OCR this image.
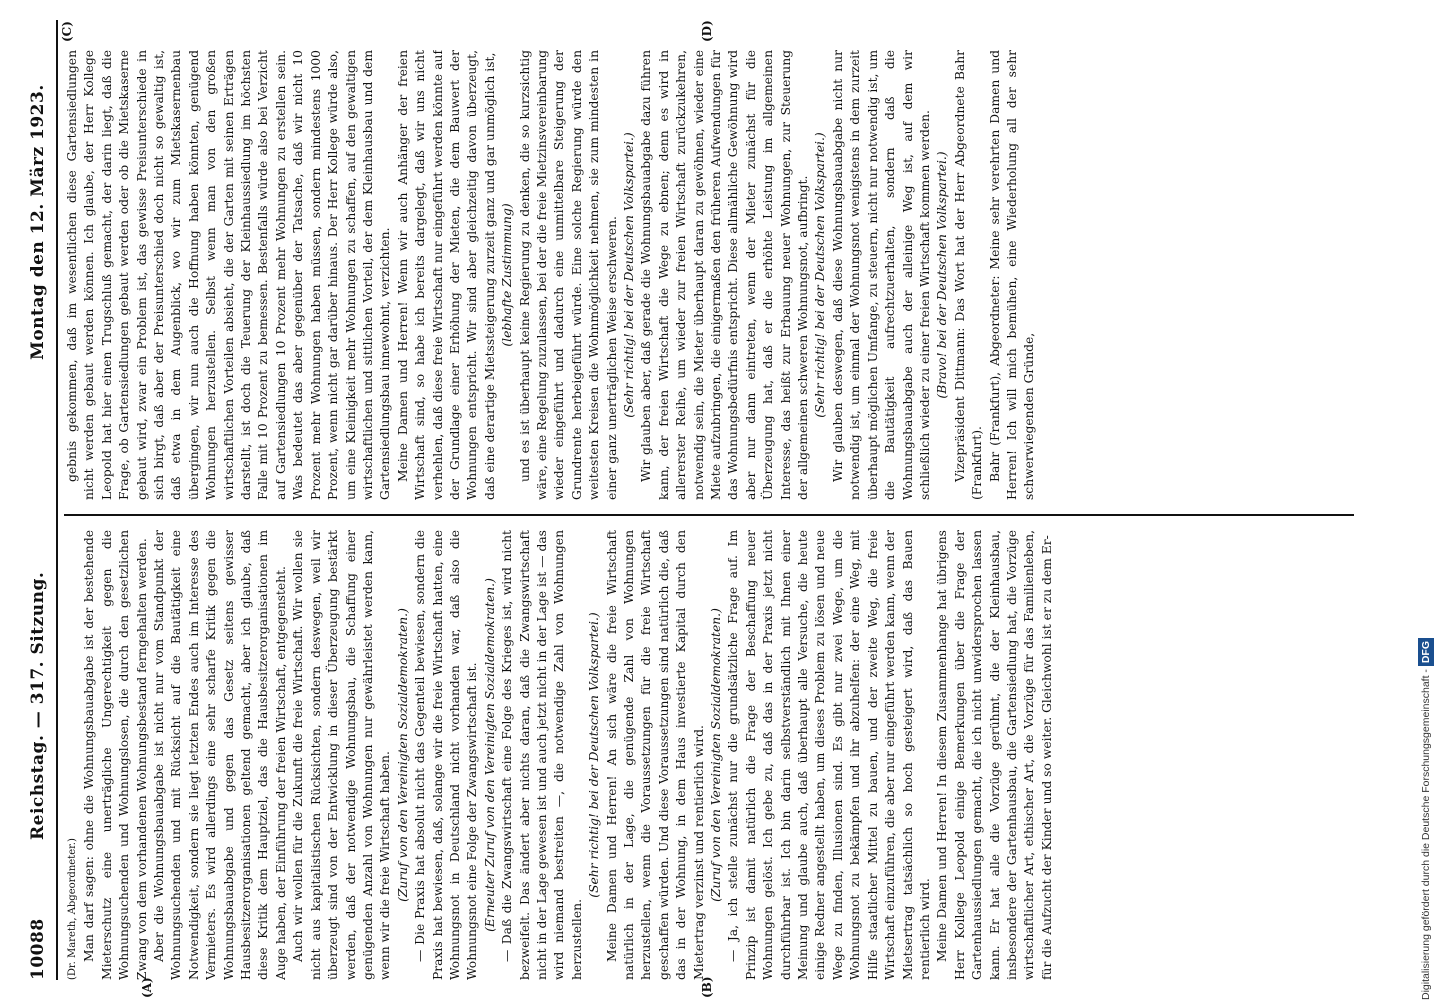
10088
Reichstag. — 317. Sitzung.
Montag den 12. März 1923.
(A)	(B)
(C)	(D)

(Dr. Mareth, Abgeordneter.) Man darf sagen: ohne die Wohnungsbauabgabe ist der bestehende Mieterschutz eine unerträgliche Ungerechtigkeit gegen die Wohnungsuchenden und Wohnungslosen, die durch den gesetzlichen Zwang von dem vorhandenen Wohnungsbestand ferngehalten werden. Aber die Wohnungsbauabgabe ist nicht nur vom Standpunkt der Wohnungsuchenden und mit Rücksicht auf die Bautätigkeit eine Notwendigkeit, sondern sie liegt letzten Endes auch im Interesse des Vermieters. Es wird allerdings eine sehr scharfe Kritik gegen die Wohnungsbauabgabe und gegen das Gesetz seitens gewisser Hausbesitzerorganisationen geltend gemacht, aber ich glaube, daß diese Kritik dem Hauptziel, das die Hausbesitzerorganisationen im Auge haben, der Einführung der freien Wirtschaft, entgegensteht. Auch wir wollen für die Zukunft die freie Wirtschaft. Wir wollen sie nicht aus kapitalistischen Rücksichten, sondern deswegen, weil wir überzeugt sind von der Entwicklung in dieser Überzeugung bestärkt werden, daß der notwendige Wohnungsbau, die Schaffung einer genügenden Anzahl von Wohnungen nur gewährleistet werden kann, wenn wir die freie Wirtschaft haben. (Zuruf von den Vereinigten Sozialdemokraten.) — Die Praxis hat absolut nicht das Gegenteil bewiesen, sondern die Praxis hat bewiesen, daß, solange wir die freie Wirtschaft hatten, eine Wohnungsnot in Deutschland nicht vorhanden war, daß also die Wohnungsnot eine Folge der Zwangswirtschaft ist. (Erneuter Zuruf von den Vereinigten Sozialdemokraten.) — Daß die Zwangswirtschaft eine Folge des Krieges ist, wird nicht bezweifelt. Das ändert aber nichts daran, daß die Zwangswirtschaft nicht in der Lage gewesen ist und auch jetzt nicht in der Lage ist — das wird niemand bestreiten —, die notwendige Zahl von Wohnungen herzustellen.

(Sehr richtig! bei der Deutschen Volkspartei.) Meine Damen und Herren! An sich wäre die freie Wirtschaft natürlich in der Lage, die genügende Zahl von Wohnungen herzustellen, wenn die Voraussetzungen für die freie Wirtschaft geschaffen würden. Und diese Voraussetzungen sind natürlich die, daß das in der Wohnung, in dem Haus investierte Kapital durch den Mietertrag verzinst und rentierlich wird. (Zuruf von den Vereinigten Sozialdemokraten.) — Ja, ich stelle zunächst nur die grundsätzliche Frage auf. Im Prinzip ist damit natürlich die Frage der Beschaffung neuer Wohnungen gelöst. Ich gebe zu, daß das in der Praxis jetzt nicht durchführbar ist. Ich bin darin selbstverständlich mit Ihnen einer Meinung und glaube auch, daß überhaupt alle Versuche, die heute einige Redner angestellt haben, um dieses Problem zu lösen und neue Wege zu finden, Illusionen sind. Es gibt nur zwei Wege, um die Wohnungsnot zu bekämpfen und ihr abzuhelfen: der eine Weg, mit Hilfe staatlicher Mittel zu bauen, und der zweite Weg, die freie Wirtschaft einzuführen, die aber nur eingeführt werden kann, wenn der Mietsertrag tatsächlich so hoch gesteigert wird, daß das Bauen rentierlich wird. Meine Damen und Herren! In diesem Zusammenhange hat übrigens Herr Kollege Leopold einige Bemerkungen über die Frage der Gartenhaussiedlungen gemacht, die ich nicht unwidersprochen lassen kann. Er hat alle die Vorzüge gerühmt, die der Kleinhausbau, insbesondere der Gartenhausbau, die Gartensiedlung hat, die Vorzüge wirtschaftlicher Art, ethischer Art, die Vorzüge für das Familienleben, für die Aufzucht der Kinder und so weiter. Gleichwohl ist er zu dem Er-

gebnis gekommen, daß im wesentlichen diese Gartensiedlungen nicht werden gebaut werden können. Ich glaube, der Herr Kollege Leopold hat hier einen Trugschluß gemacht, der darin liegt, daß die Frage, ob Gartensiedlungen gebaut werden oder ob die Mietskaserne gebaut wird, zwar ein Problem ist, das gewisse Preisunterschiede in sich birgt, daß aber der Preisunterschied doch nicht so gewaltig ist, daß etwa in dem Augenblick, wo wir zum Mietskasernenbau übergingen, wir nun auch die Hoffnung haben könnten, genügend Wohnungen herzustellen. Selbst wenn man von den großen wirtschaftlichen Vorteilen absieht, die der Garten mit seinen Erträgen darstellt, ist doch die Teuerung der Kleinhaussiedlung im höchsten Falle mit 10 Prozent zu bemessen. Bestenfalls würde also bei Verzicht auf Gartensiedlungen 10 Prozent mehr Wohnungen zu erstellen sein. Was bedeutet das aber gegenüber der Tatsache, daß wir nicht 10 Prozent mehr Wohnungen haben müssen, sondern mindestens 1000 Prozent, wenn nicht gar darüber hinaus. Der Herr Kollege würde also, um eine Kleinigkeit mehr Wohnungen zu schaffen, auf den gewaltigen wirtschaftlichen und sittlichen Vorteil, der dem Kleinhausbau und dem Gartensiedlungsbau innewohnt, verzichten. Meine Damen und Herren! Wenn wir auch Anhänger der freien Wirtschaft sind, so habe ich bereits dargelegt, daß wir uns nicht verhehlen, daß diese freie Wirtschaft nur eingeführt werden könnte auf der Grundlage einer Erhöhung der Mieten, die dem Bauwert der Wohnungen entspricht. Wir sind aber gleichzeitig davon überzeugt, daß eine derartige Mietssteigerung zurzeit ganz und gar unmöglich ist, (lebhafte Zustimmung) und es ist überhaupt keine Regierung zu denken, die so kurzsichtig wäre, eine Regelung zuzulassen, bei der die freie Mietzinsvereinbarung wieder eingeführt und dadurch eine unmittelbare Steigerung der Grundrente herbeigeführt würde. Eine solche Regierung würde den weitesten Kreisen die Wohnmöglichkeit nehmen, sie zum mindesten in einer ganz unerträglichen Weise erschweren. (Sehr richtig! bei der Deutschen Volkspartei.) Wir glauben aber, daß gerade die Wohnungsbauabgabe dazu führen kann, der freien Wirtschaft die Wege zu ebnen; denn es wird in allererster Reihe, um wieder zur freien Wirtschaft zurückzukehren, notwendig sein, die Mieter überhaupt daran zu gewöhnen, wieder eine Miete aufzubringen, die einigermaßen den früheren Aufwendungen für das Wohnungsbedürfnis entspricht. Diese allmähliche Gewöhnung wird aber nur dann eintreten, wenn der Mieter zunächst für die Überzeugung hat, daß er die erhöhte Leistung im allgemeinen Interesse, das heißt zur Erbauung neuer Wohnungen, zur Steuerung der allgemeinen schweren Wohnungsnot, aufbringt. (Sehr richtig! bei der Deutschen Volkspartei.) Wir glauben deswegen, daß diese Wohnungsbauabgabe nicht nur notwendig ist, um einmal der Wohnungsnot wenigstens in dem zurzeit überhaupt möglichen Umfange, zu steuern, nicht nur notwendig ist, um die Bautätigkeit aufrechtzuerhalten, sondern daß die Wohnungsbauabgabe auch der alleinige Weg ist, auf dem wir schließlich wieder zu einer freien Wirtschaft kommen werden. (Bravo! bei der Deutschen Volkspartei.) Vizepräsident Dittmann: Das Wort hat der Herr Abgeordnete Bahr (Frankfurt). Bahr (Frankfurt), Abgeordneter: Meine sehr verehrten Damen und Herren! Ich will mich bemühen, eine Wiederholung all der sehr schwerwiegenden Gründe,

Digitalisierung gefördert durch die Deutsche Forschungsgemeinschaft - DFG
